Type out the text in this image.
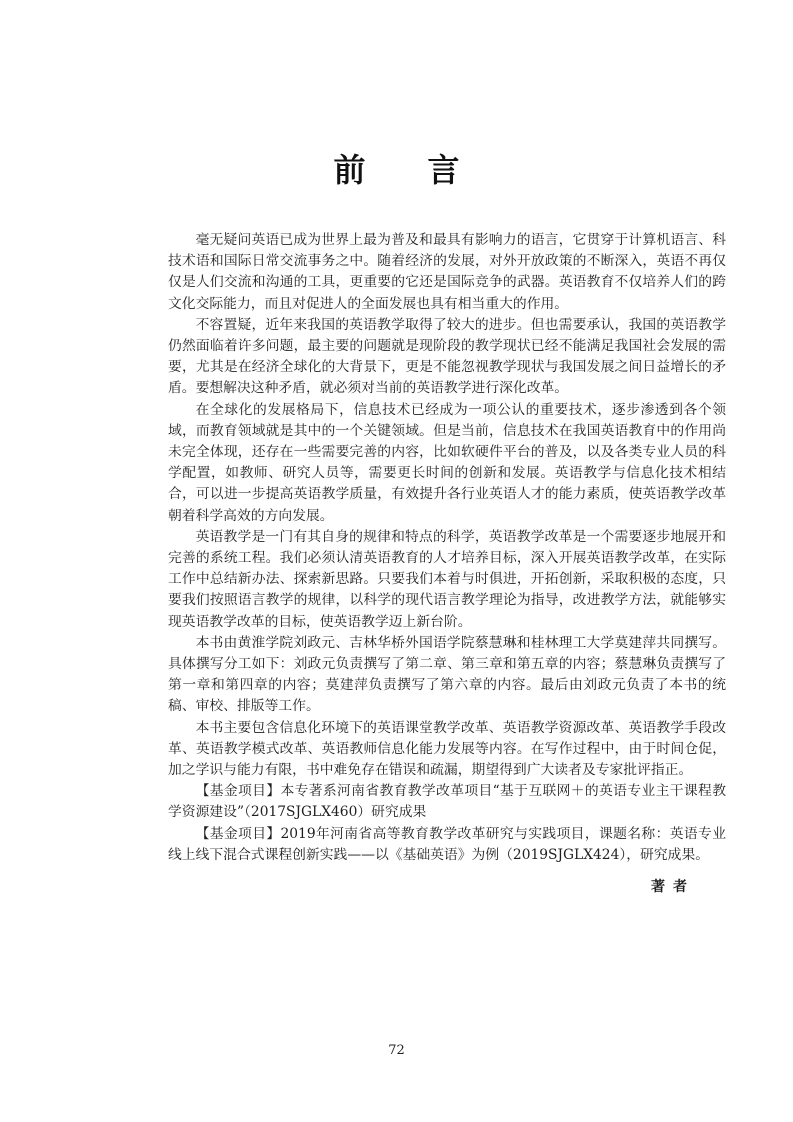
前言

毫无疑问英语已成为世界上最为普及和最具有影响力的语言，它贯穿于计算机语言、科技术语和国际日常交流事务之中。随着经济的发展，对外开放政策的不断深入，英语不再仅仅是人们交流和沟通的工具，更重要的它还是国际竞争的武器。英语教育不仅培养人们的跨文化交际能力，而且对促进人的全面发展也具有相当重大的作用。

不容置疑，近年来我国的英语教学取得了较大的进步。但也需要承认，我国的英语教学仍然面临着许多问题，最主要的问题就是现阶段的教学现状已经不能满足我国社会发展的需要，尤其是在经济全球化的大背景下，更是不能忽视教学现状与我国发展之间日益增长的矛盾。要想解决这种矛盾，就必须对当前的英语教学进行深化改革。

在全球化的发展格局下，信息技术已经成为一项公认的重要技术，逐步渗透到各个领域，而教育领域就是其中的一个关键领域。但是当前，信息技术在我国英语教育中的作用尚未完全体现，还存在一些需要完善的内容，比如软硬件平台的普及，以及各类专业人员的科学配置，如教师、研究人员等，需要更长时间的创新和发展。英语教学与信息化技术相结合，可以进一步提高英语教学质量，有效提升各行业英语人才的能力素质，使英语教学改革朝着科学高效的方向发展。

英语教学是一门有其自身的规律和特点的科学，英语教学改革是一个需要逐步地展开和完善的系统工程。我们必须认清英语教育的人才培养目标，深入开展英语教学改革，在实际工作中总结新办法、探索新思路。只要我们本着与时俱进，开拓创新，采取积极的态度，只要我们按照语言教学的规律，以科学的现代语言教学理论为指导，改进教学方法，就能够实现英语教学改革的目标，使英语教学迈上新台阶。

本书由黄淮学院刘政元、吉林华桥外国语学院蔡慧琳和桂林理工大学莫建萍共同撰写。具体撰写分工如下：刘政元负责撰写了第二章、第三章和第五章的内容；蔡慧琳负责撰写了第一章和第四章的内容；莫建萍负责撰写了第六章的内容。最后由刘政元负责了本书的统稿、审校、排版等工作。

本书主要包含信息化环境下的英语课堂教学改革、英语教学资源改革、英语教学手段改革、英语教学模式改革、英语教师信息化能力发展等内容。在写作过程中，由于时间仓促，加之学识与能力有限，书中难免存在错误和疏漏，期望得到广大读者及专家批评指正。

【基金项目】本专著系河南省教育教学改革项目“基于互联网＋的英语专业主干课程教学资源建设”（2017SJGLX460）研究成果

【基金项目】2019年河南省高等教育教学改革研究与实践项目，课题名称：英语专业线上线下混合式课程创新实践——以《基础英语》为例（2019SJGLX424），研究成果。

著者
72
